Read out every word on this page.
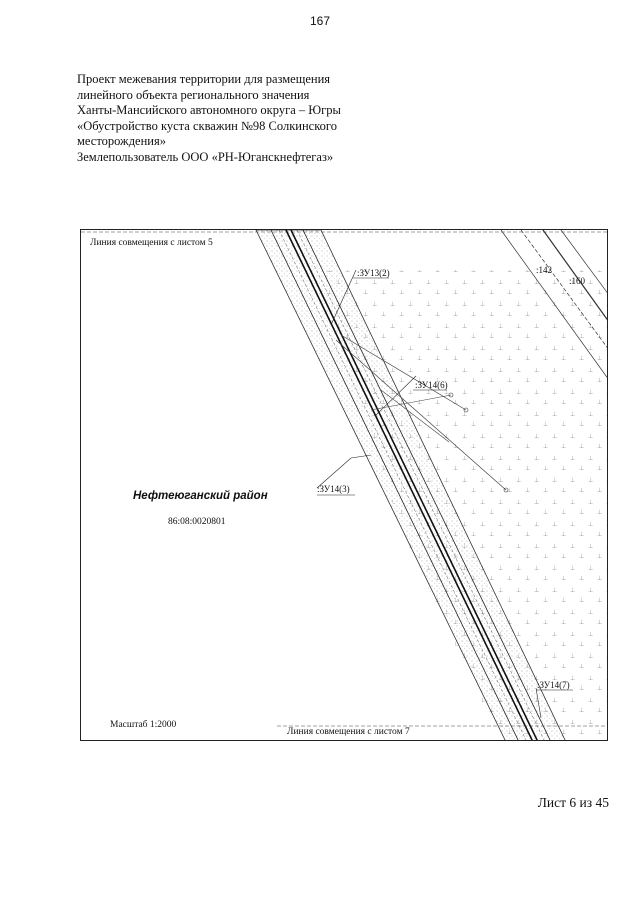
167
Проект межевания территории для размещения
линейного объекта регионального значения
Ханты-Мансийского автономного округа – Югры
«Обустройство куста скважин №98 Солкинского
месторождения»
Землепользователь ООО «РН-Юганскнефтегаз»
Линия совмещения с листом 5
Нефтеюганский район
86:08:0020801
:ЗУ13(2)
:ЗУ14(6)
:ЗУ14(3)
:ЗУ14(7)
:142
:160
Масштаб 1:2000
Линия совмещения с листом 7
Лист 6 из 45
